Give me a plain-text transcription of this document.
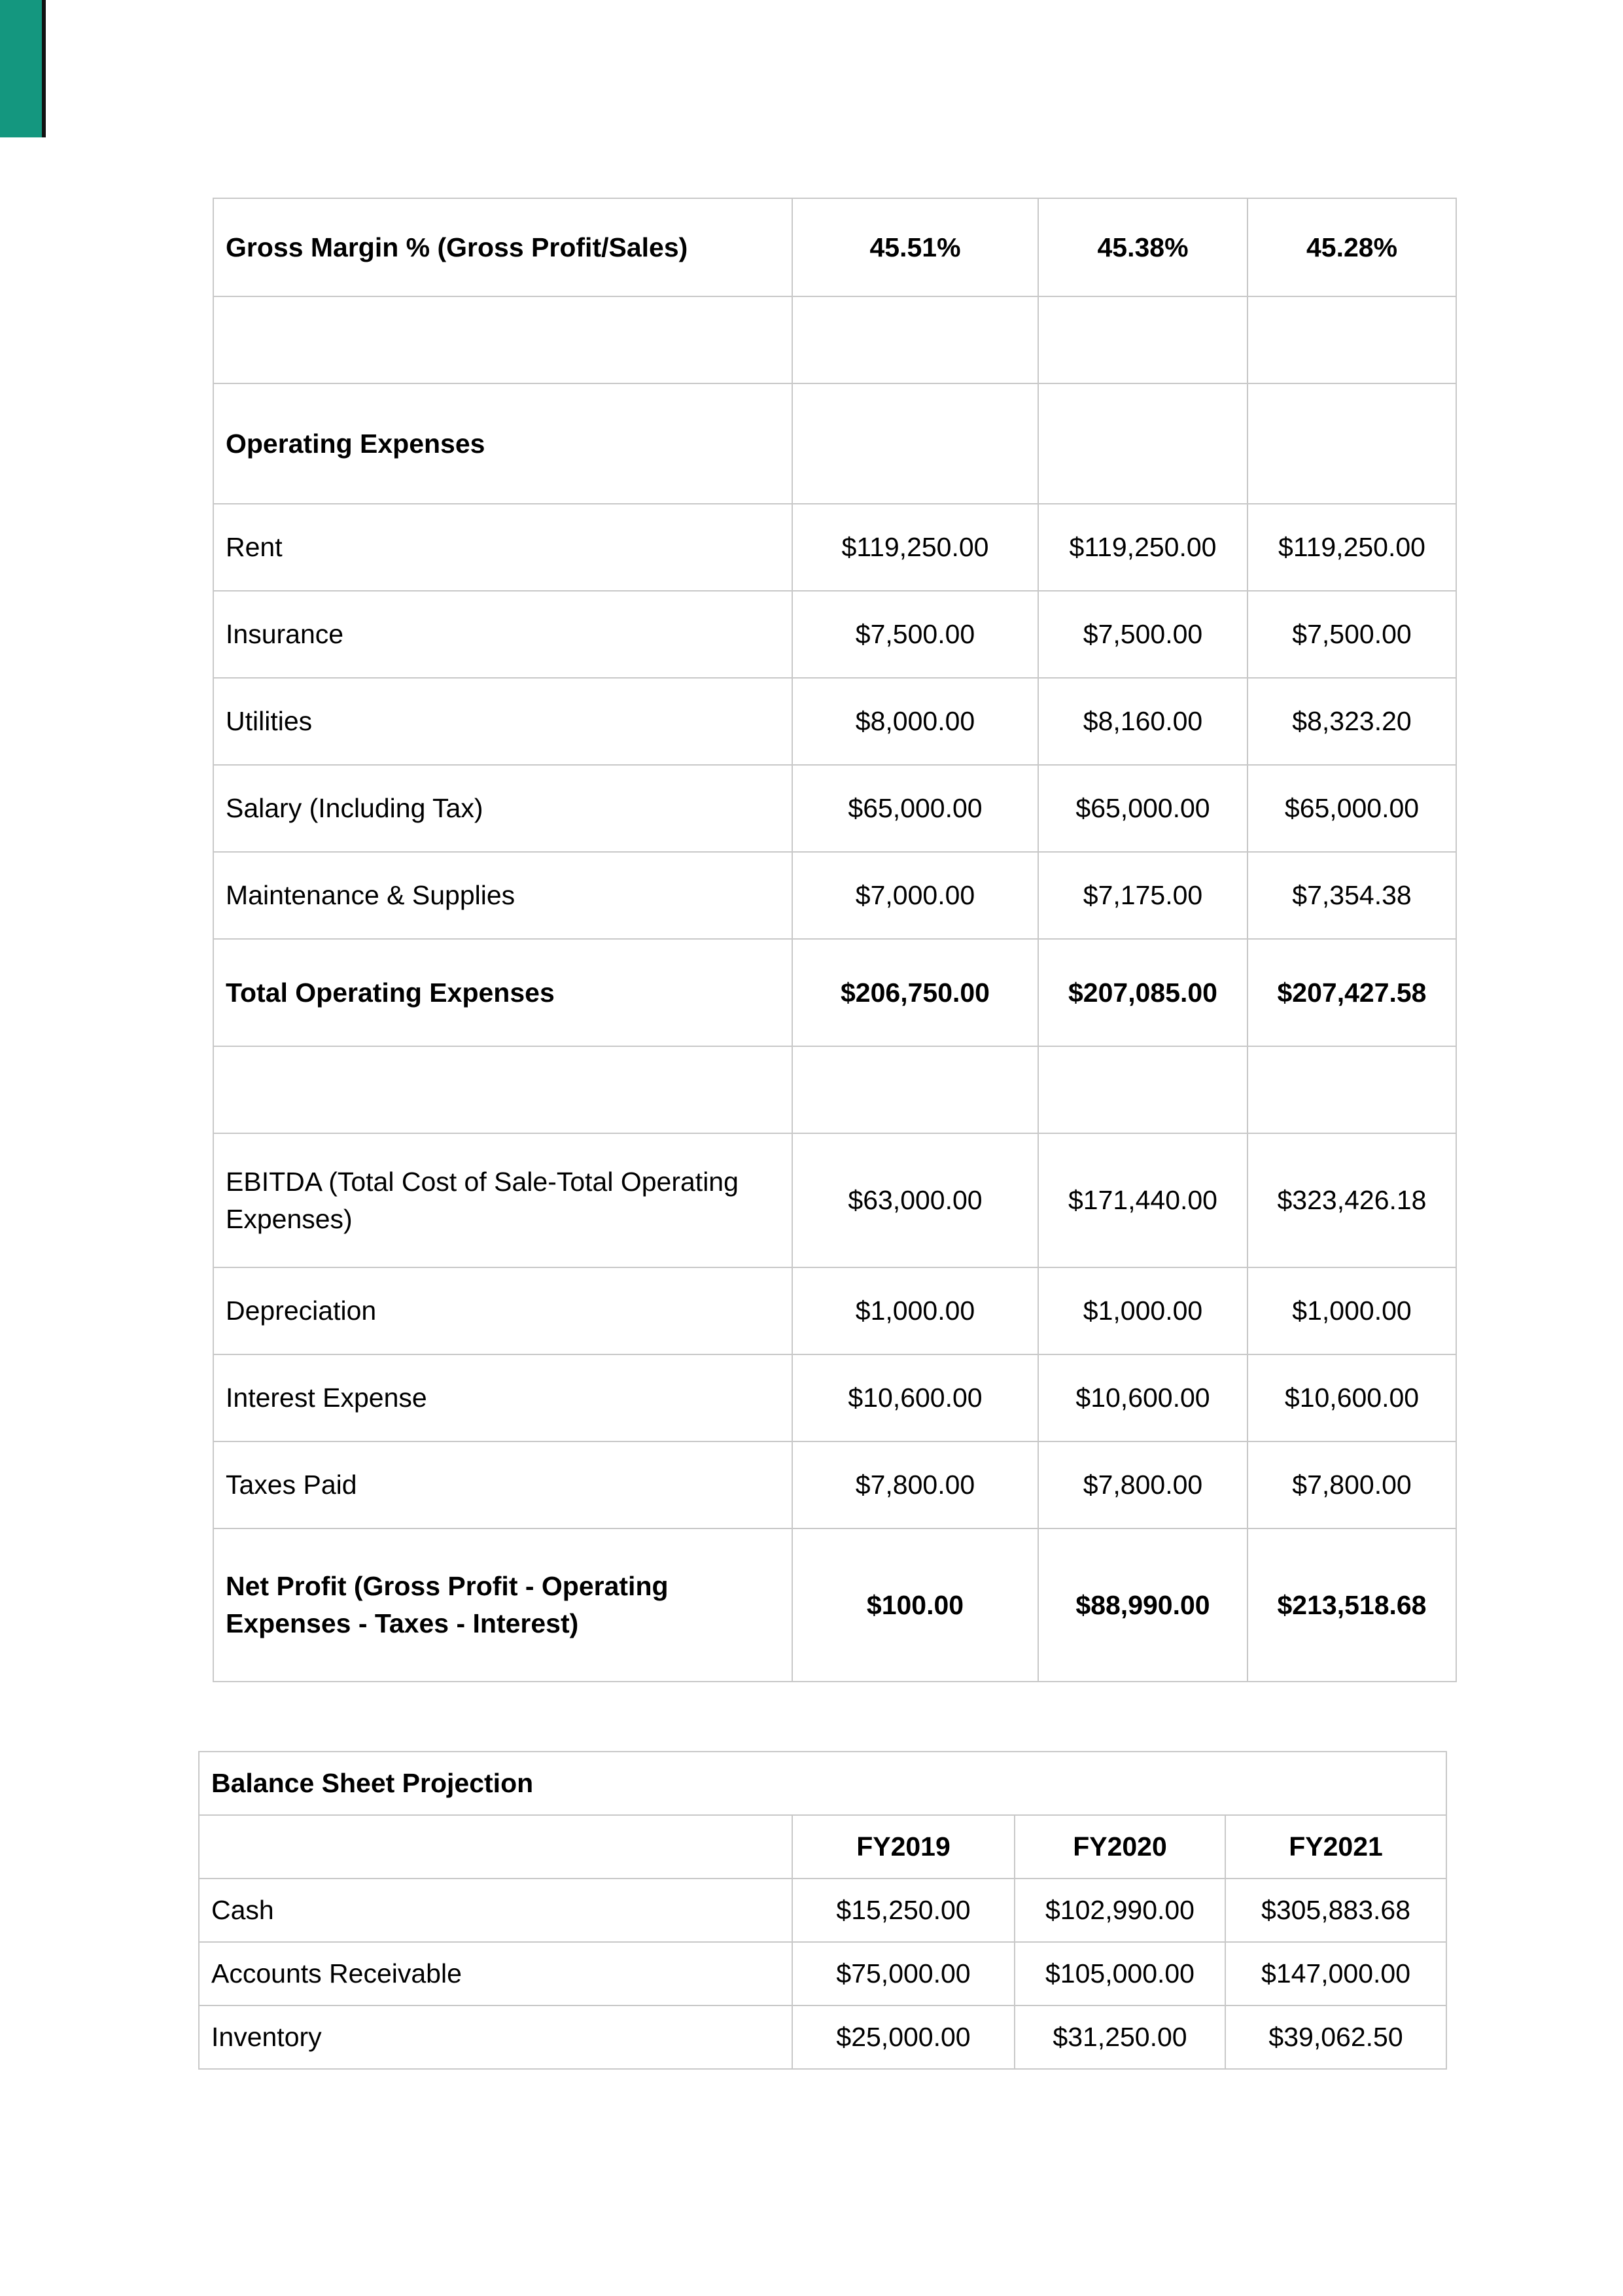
Gross Margin % (Gross Profit/Sales)	45.51%	45.38%	45.28%

Operating Expenses			
Rent	$119,250.00	$119,250.00	$119,250.00
Insurance	$7,500.00	$7,500.00	$7,500.00
Utilities	$8,000.00	$8,160.00	$8,323.20
Salary (Including Tax)	$65,000.00	$65,000.00	$65,000.00
Maintenance & Supplies	$7,000.00	$7,175.00	$7,354.38
Total Operating Expenses	$206,750.00	$207,085.00	$207,427.58

EBITDA (Total Cost of Sale-Total Operating Expenses)	$63,000.00	$171,440.00	$323,426.18
Depreciation	$1,000.00	$1,000.00	$1,000.00
Interest Expense	$10,600.00	$10,600.00	$10,600.00
Taxes Paid	$7,800.00	$7,800.00	$7,800.00
Net Profit (Gross Profit - Operating Expenses - Taxes - Interest)	$100.00	$88,990.00	$213,518.68
Balance Sheet Projection			
	FY2019	FY2020	FY2021
Cash	$15,250.00	$102,990.00	$305,883.68
Accounts Receivable	$75,000.00	$105,000.00	$147,000.00
Inventory	$25,000.00	$31,250.00	$39,062.50
